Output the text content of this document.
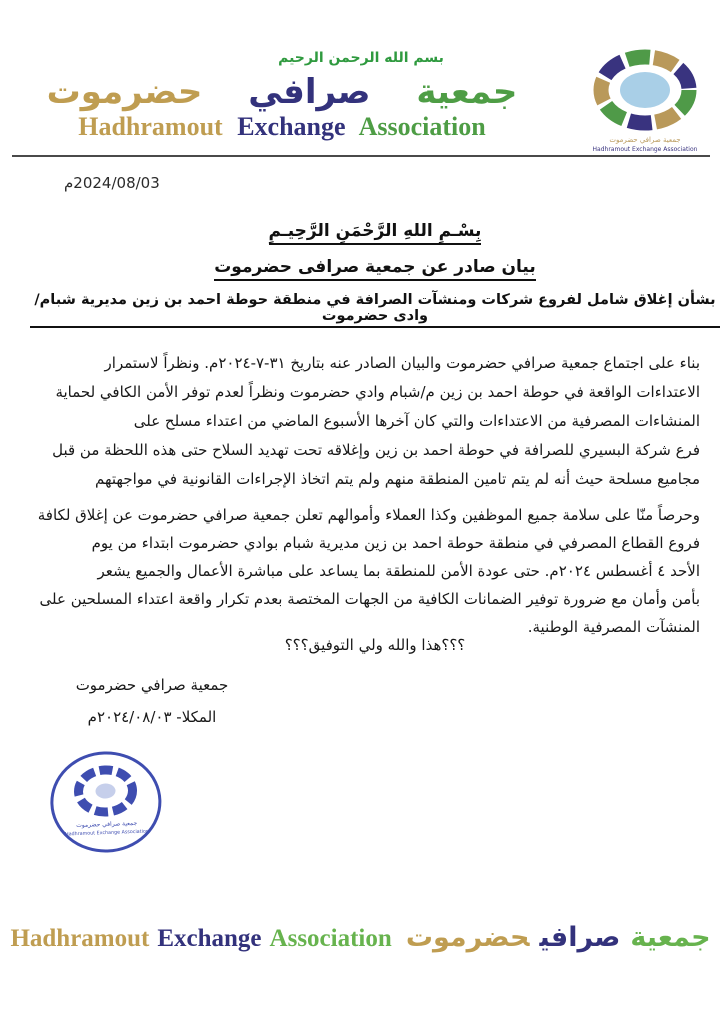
بسم الله الرحمن الرحيم
جمعية صرافي حضرموت
Hadhramout Exchange Association	جمعية صرافي حضرموت
Hadhramout Exchange Association
2024/08/03م
بِسْـمِ اللهِ الرَّحْمَنِ الرَّحِيـمِ
بيان صادر عن جمعية صرافى حضرموت
بشأن إغلاق شامل لفروع شركات ومنشآت الصرافة في منطقة حوطة احمد بن زين مديرية شبام/ وادى حضرموت
بناء على اجتماع جمعية صرافي حضرموت والبيان الصادر عنه بتاريخ ٣١-٧-٢٠٢٤م. ونظراً لاستمرار
الاعتداءات الواقعة في حوطة احمد بن زين م/شبام وادي حضرموت ونظراً لعدم توفر الأمن الكافي لحماية
المنشاءات المصرفية من الاعتداءات والتي كان آخرها الأسبوع الماضي من اعتداء مسلح على
فرع شركة البسيري للصرافة في حوطة احمد بن زين وإغلاقه تحت تهديد السلاح حتى هذه اللحظة من قبل
مجاميع مسلحة حيث أنه لم يتم تامين المنطقة منهم ولم يتم اتخاذ الإجراءات القانونية في مواجهتهم
وحرصاً منّا على سلامة جميع الموظفين وكذا العملاء وأموالهم تعلن جمعية صرافي حضرموت عن إغلاق لكافة
فروع القطاع المصرفي في منطقة حوطة احمد بن زين مديرية شبام بوادي حضرموت ابتداء من يوم
الأحد ٤ أغسطس ٢٠٢٤م. حتى عودة الأمن للمنطقة بما يساعد على مباشرة الأعمال والجميع يشعر
بأمن وأمان مع ضرورة توفير الضمانات الكافية من الجهات المختصة بعدم تكرار واقعة اعتداء المسلحين على
المنشآت المصرفية الوطنية.
؟؟؟هذا والله ولي التوفيق؟؟؟
جمعية صرافي حضرموت
المكلا- ٢٠٢٤/٠٨/٠٣م
جمعية صرافي حضرموت
Hadhramout Exchange Association
جمعيةصرافيحضرموت Hadhramout Exchange Association
